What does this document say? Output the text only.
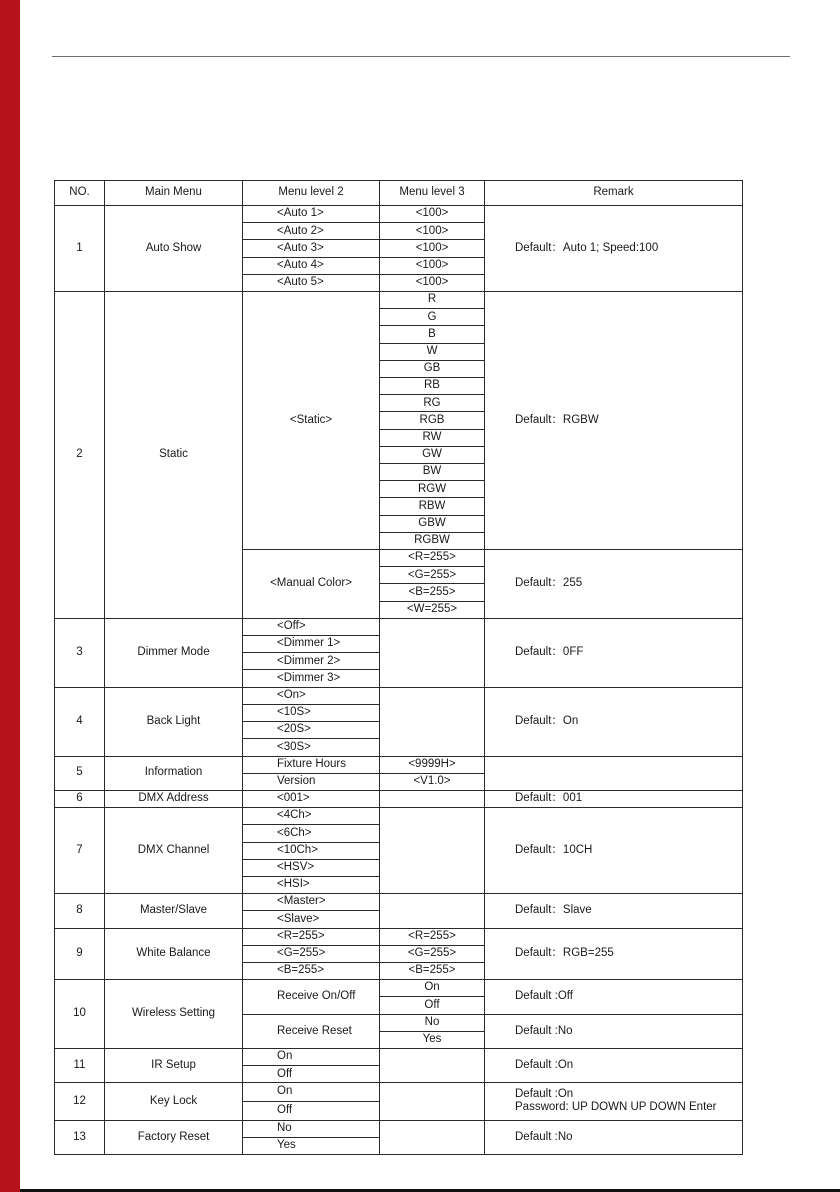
NO.	Main Menu	Menu level 2	Menu level 3	Remark
1	Auto Show	<Auto 1>	<100>	Default：Auto 1; Speed:100
		<Auto 2>	<100>	
		<Auto 3>	<100>	
		<Auto 4>	<100>	
		<Auto 5>	<100>	
2	Static	<Static>	R	Default：RGBW
			G	
			B	
			W	
			GB	
			RB	
			RG	
			RGB	
			RW	
			GW	
			BW	
			RGW	
			RBW	
			GBW	
			RGBW	
		<Manual Color>	<R=255>	Default：255
			<G=255>	
			<B=255>	
			<W=255>	
3	Dimmer Mode	<Off>		Default：0FF
		<Dimmer 1>		
		<Dimmer 2>		
		<Dimmer 3>		
4	Back Light	<On>		Default：On
		<10S>		
		<20S>		
		<30S>		
5	Information	Fixture Hours	<9999H>	
		Version	<V1.0>	
6	DMX Address	<001>		Default：001
7	DMX Channel	<4Ch>		Default：10CH
		<6Ch>		
		<10Ch>		
		<HSV>		
		<HSI>		
8	Master/Slave	<Master>		Default：Slave
		<Slave>		
9	White Balance	<R=255>	<R=255>	Default：RGB=255
		<G=255>	<G=255>	
		<B=255>	<B=255>	
10	Wireless Setting	Receive On/Off	On	Default :Off
			Off	
		Receive Reset	No	Default :No
			Yes	
11	IR Setup	On		Default :On
		Off		
12	Key Lock	On		Default :On
Password: UP DOWN UP DOWN Enter

		Off		
13	Factory Reset	No		Default :No
		Yes		
